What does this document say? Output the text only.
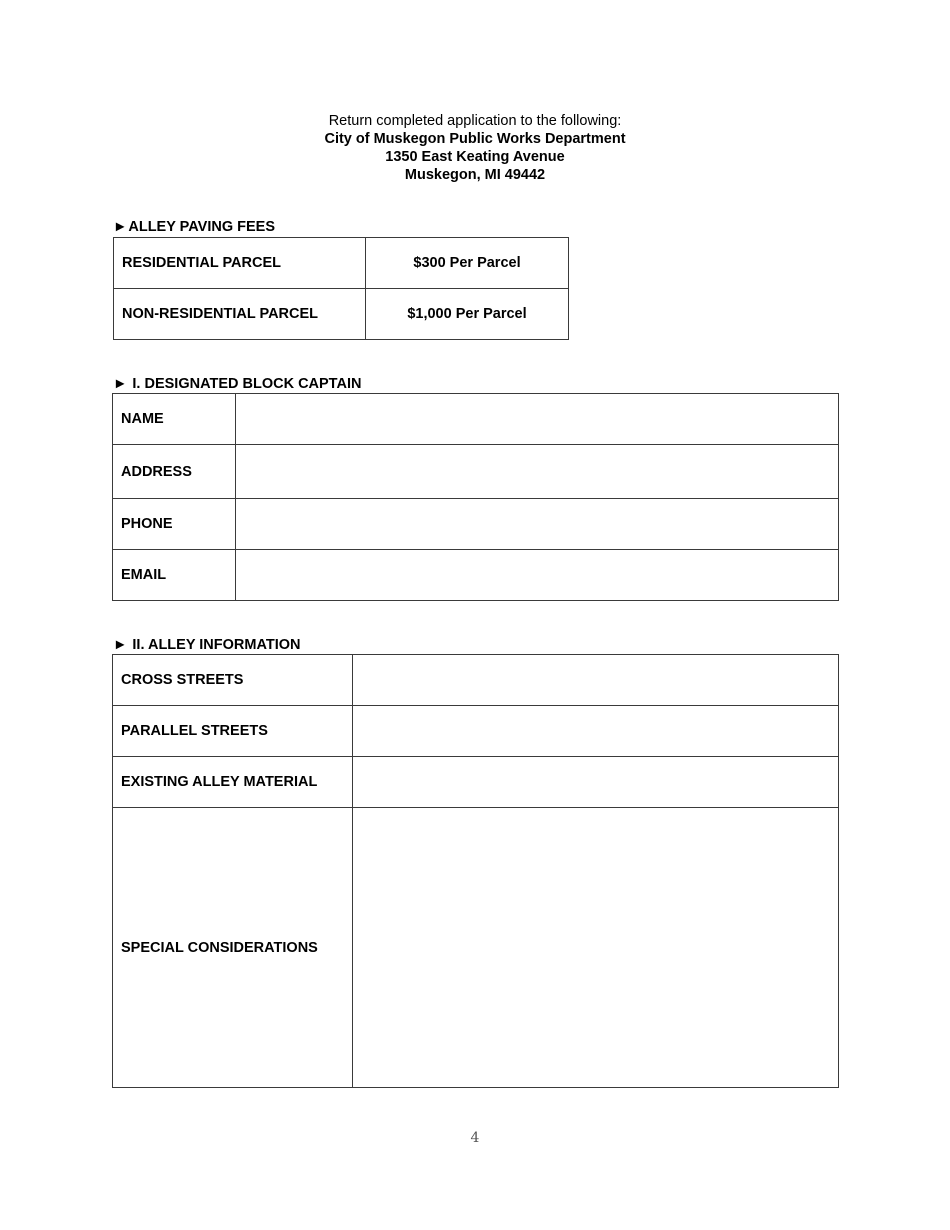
Return completed application to the following:
City of Muskegon Public Works Department
1350 East Keating Avenue
Muskegon, MI 49442
►ALLEY PAVING FEES
RESIDENTIAL PARCEL	$300 Per Parcel
NON-RESIDENTIAL PARCEL	$1,000 Per Parcel
► I. DESIGNATED BLOCK CAPTAIN
NAME	
ADDRESS	
PHONE	
EMAIL	
► II. ALLEY INFORMATION
CROSS STREETS	
PARALLEL STREETS	
EXISTING ALLEY MATERIAL	
SPECIAL CONSIDERATIONS	
4
